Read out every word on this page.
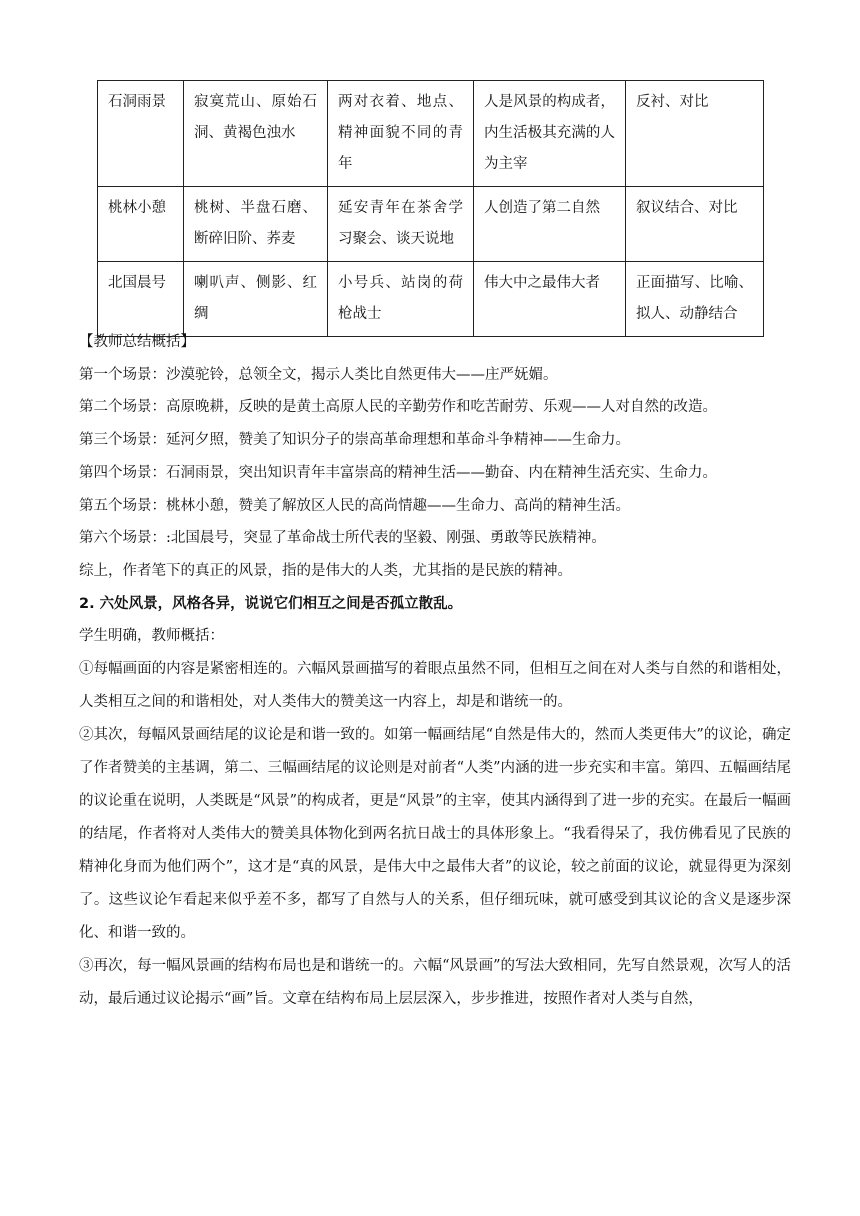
石洞雨景	寂寞荒山、原始石洞、黄褐色浊水	两对衣着、地点、精神面貌不同的青年	人是风景的构成者，内生活极其充满的人为主宰	反衬、对比
桃林小憩	桃树、半盘石磨、断碎旧阶、荞麦	延安青年在茶舍学习聚会、谈天说地	人创造了第二自然	叙议结合、对比
北国晨号	喇叭声、侧影、红绸	小号兵、站岗的荷枪战士	伟大中之最伟大者	正面描写、比喻、拟人、动静结合

【教师总结概括】

第一个场景：沙漠驼铃，总领全文，揭示人类比自然更伟大——庄严妩媚。

第二个场景：高原晚耕，反映的是黄土高原人民的辛勤劳作和吃苦耐劳、乐观——人对自然的改造。

第三个场景：延河夕照，赞美了知识分子的崇高革命理想和革命斗争精神——生命力。

第四个场景：石洞雨景，突出知识青年丰富崇高的精神生活——勤奋、内在精神生活充实、生命力。

第五个场景：桃林小憩，赞美了解放区人民的高尚情趣——生命力、高尚的精神生活。

第六个场景：:北国晨号，突显了革命战士所代表的坚毅、刚强、勇敢等民族精神。

综上，作者笔下的真正的风景，指的是伟大的人类，尤其指的是民族的精神。

2. 六处风景，风格各异，说说它们相互之间是否孤立散乱。

学生明确，教师概括：

①每幅画面的内容是紧密相连的。六幅风景画描写的着眼点虽然不同，但相互之间在对人类与自然的和谐相处，人类相互之间的和谐相处，对人类伟大的赞美这一内容上，却是和谐统一的。

②其次，每幅风景画结尾的议论是和谐一致的。如第一幅画结尾“自然是伟大的，然而人类更伟大”的议论，确定了作者赞美的主基调，第二、三幅画结尾的议论则是对前者“人类”内涵的进一步充实和丰富。第四、五幅画结尾的议论重在说明，人类既是“风景”的构成者，更是“风景”的主宰，使其内涵得到了进一步的充实。在最后一幅画的结尾，作者将对人类伟大的赞美具体物化到两名抗日战士的具体形象上。“我看得呆了，我仿佛看见了民族的精神化身而为他们两个”，这才是“真的风景，是伟大中之最伟大者”的议论，较之前面的议论，就显得更为深刻了。这些议论乍看起来似乎差不多，都写了自然与人的关系，但仔细玩味，就可感受到其议论的含义是逐步深化、和谐一致的。

③再次，每一幅风景画的结构布局也是和谐统一的。六幅“风景画”的写法大致相同，先写自然景观，次写人的活动，最后通过议论揭示“画”旨。文章在结构布局上层层深入，步步推进，按照作者对人类与自然，
